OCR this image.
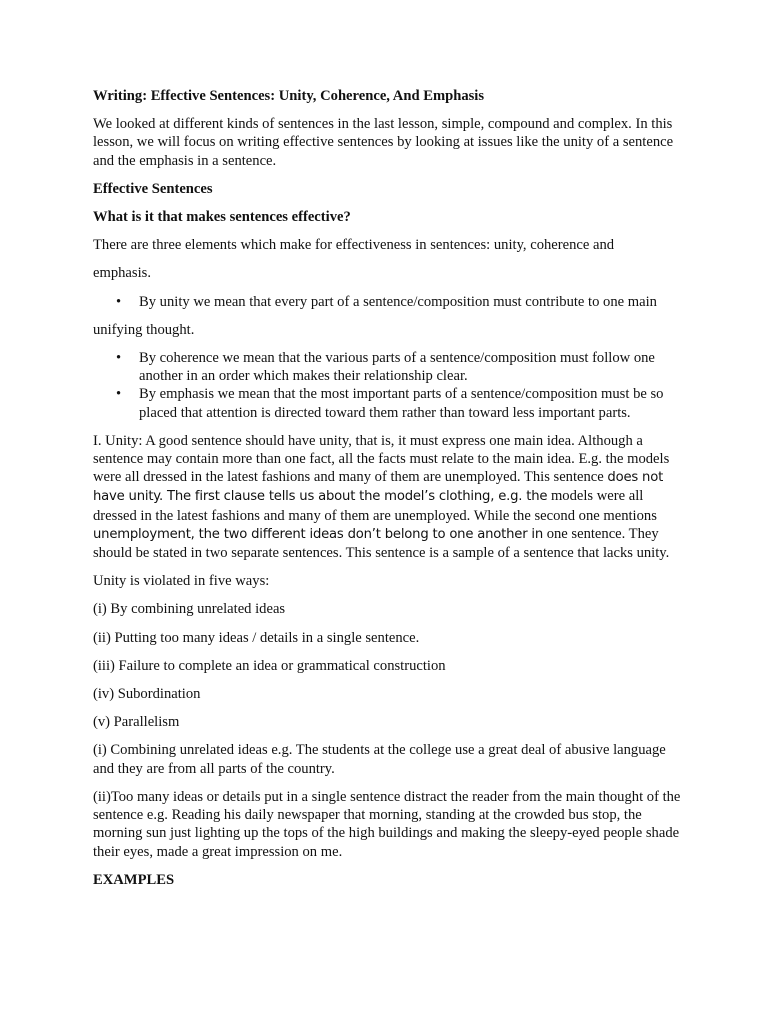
Writing: Effective Sentences: Unity, Coherence, And Emphasis

We looked at different kinds of sentences in the last lesson, simple, compound and complex. In this lesson, we will focus on writing effective sentences by looking at issues like the unity of a sentence and the emphasis in a sentence.

Effective Sentences

What is it that makes sentences effective?

There are three elements which make for effectiveness in sentences: unity, coherence and

emphasis.

• By unity we mean that every part of a sentence/composition must contribute to one main

unifying thought.

• By coherence we mean that the various parts of a sentence/composition must follow one another in an order which makes their relationship clear.
• By emphasis we mean that the most important parts of a sentence/composition must be so placed that attention is directed toward them rather than toward less important parts.

I. Unity: A good sentence should have unity, that is, it must express one main idea. Although a sentence may contain more than one fact, all the facts must relate to the main idea. E.g. the models were all dressed in the latest fashions and many of them are unemployed. This sentence does not have unity. The first clause tells us about the model’s clothing, e.g. the models were all dressed in the latest fashions and many of them are unemployed. While the second one mentions unemployment, the two different ideas don’t belong to one another in one sentence. They should be stated in two separate sentences. This sentence is a sample of a sentence that lacks unity.

Unity is violated in five ways:

(i) By combining unrelated ideas

(ii) Putting too many ideas / details in a single sentence.

(iii) Failure to complete an idea or grammatical construction

(iv) Subordination

(v) Parallelism

(i) Combining unrelated ideas e.g. The students at the college use a great deal of abusive language and they are from all parts of the country.

(ii)Too many ideas or details put in a single sentence distract the reader from the main thought of the sentence e.g. Reading his daily newspaper that morning, standing at the crowded bus stop, the morning sun just lighting up the tops of the high buildings and making the sleepy-eyed people shade their eyes, made a great impression on me.

EXAMPLES
